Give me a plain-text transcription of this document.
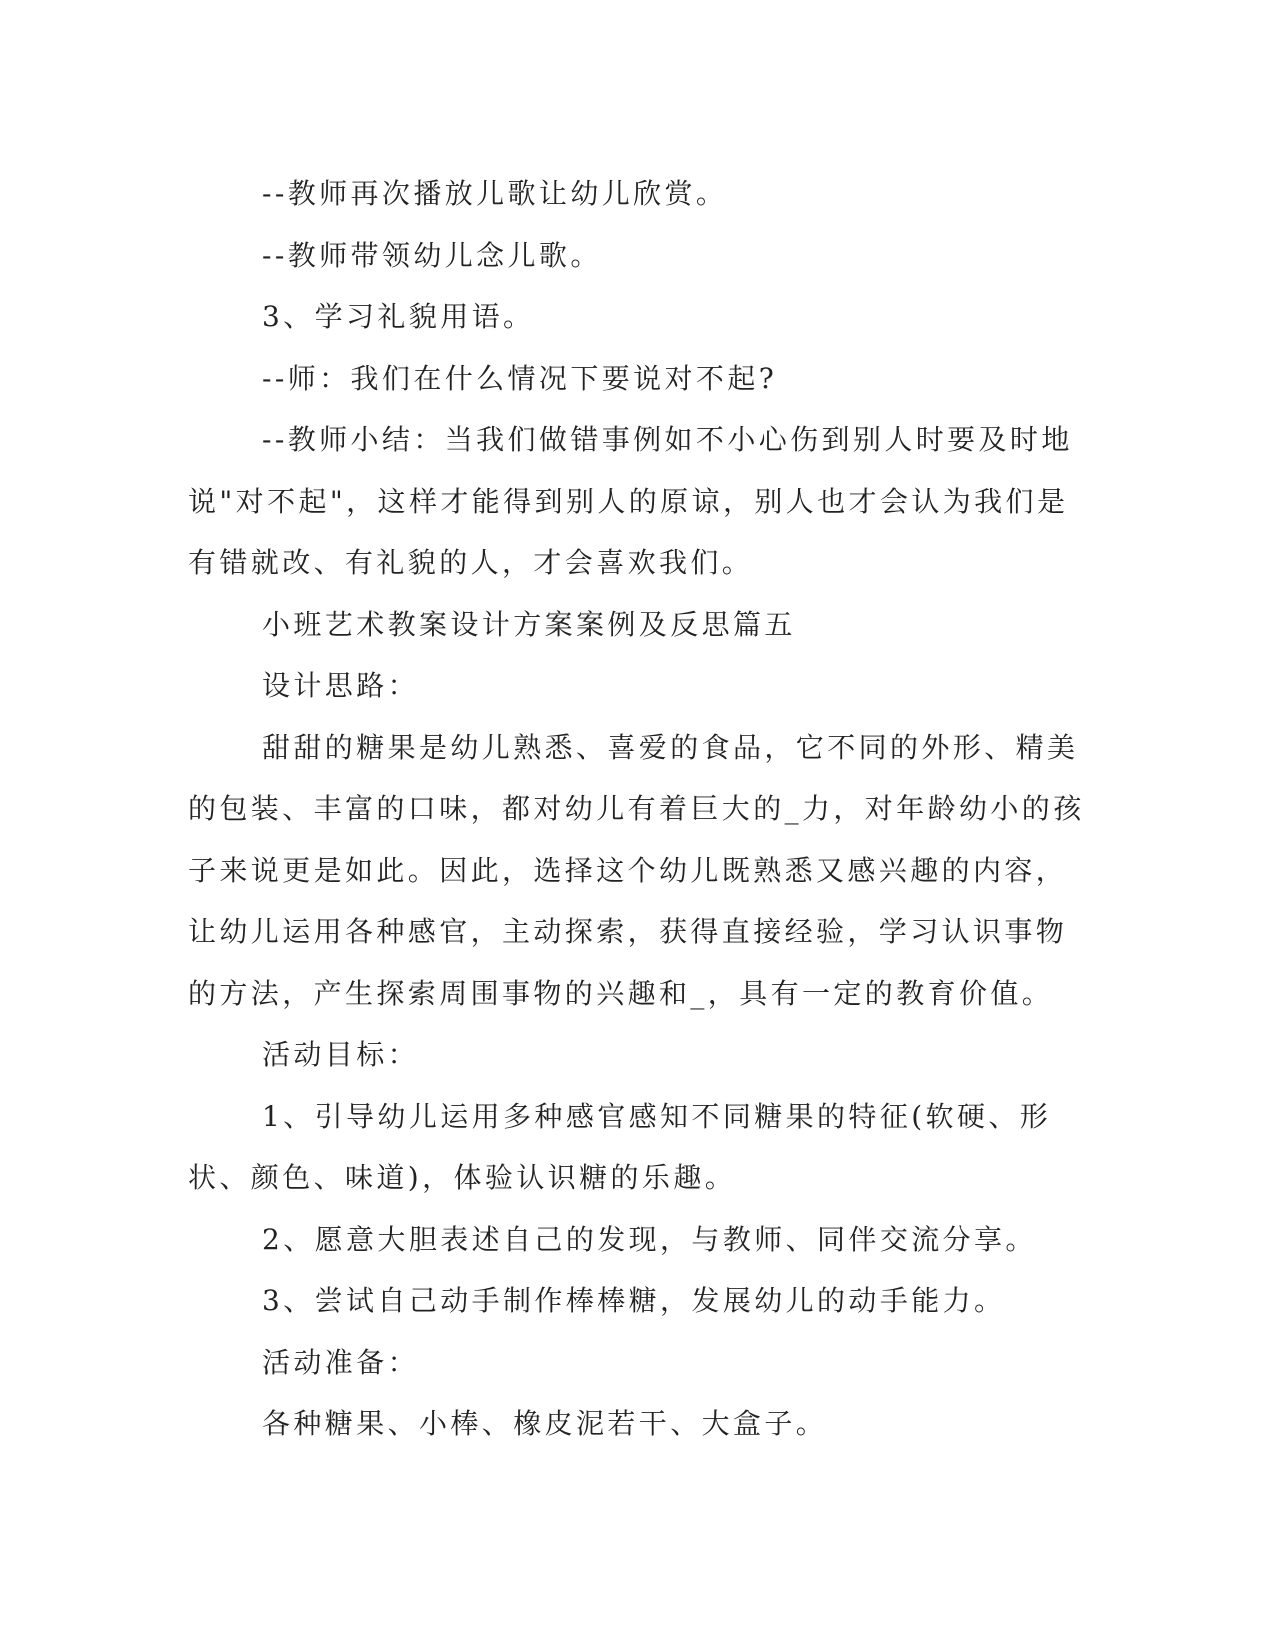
--教师再次播放儿歌让幼儿欣赏。

--教师带领幼儿念儿歌。

3、学习礼貌用语。

--师：我们在什么情况下要说对不起?

--教师小结：当我们做错事例如不小心伤到别人时要及时地说"对不起"，这样才能得到别人的原谅，别人也才会认为我们是有错就改、有礼貌的人，才会喜欢我们。

小班艺术教案设计方案案例及反思篇五

设计思路：

甜甜的糖果是幼儿熟悉、喜爱的食品，它不同的外形、精美的包装、丰富的口味，都对幼儿有着巨大的_力，对年龄幼小的孩子来说更是如此。因此，选择这个幼儿既熟悉又感兴趣的内容，让幼儿运用各种感官，主动探索，获得直接经验，学习认识事物的方法，产生探索周围事物的兴趣和_，具有一定的教育价值。

活动目标：

1、引导幼儿运用多种感官感知不同糖果的特征(软硬、形状、颜色、味道)，体验认识糖的乐趣。

2、愿意大胆表述自己的发现，与教师、同伴交流分享。

3、尝试自己动手制作棒棒糖，发展幼儿的动手能力。

活动准备：

各种糖果、小棒、橡皮泥若干、大盒子。
